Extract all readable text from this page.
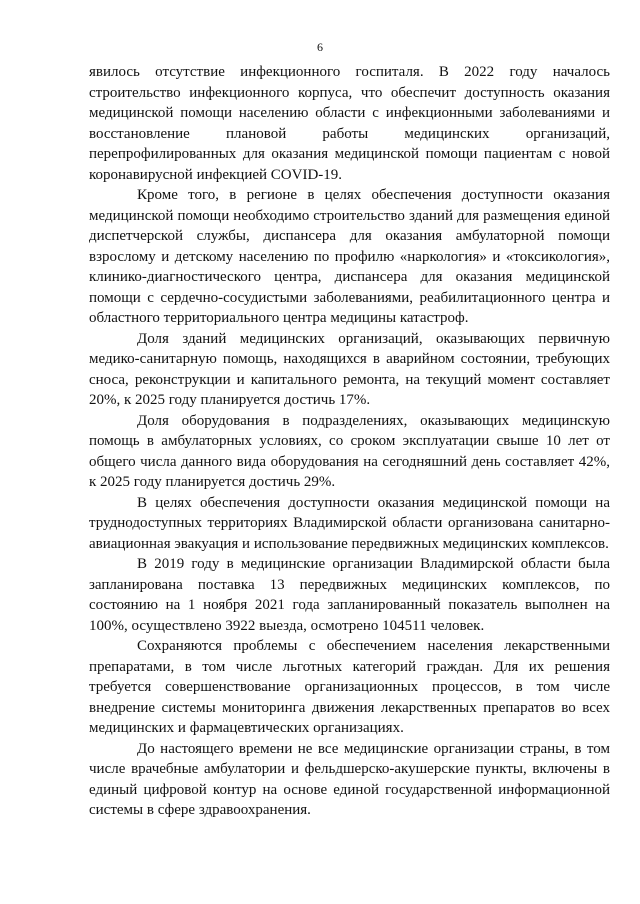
6

явилось отсутствие инфекционного госпиталя. В 2022 году началось строительство инфекционного корпуса, что обеспечит доступность оказания медицинской помощи населению области с инфекционными заболеваниями и восстановление плановой работы медицинских организаций, перепрофилированных для оказания медицинской помощи пациентам с новой коронавирусной инфекцией COVID-19.

Кроме того, в регионе в целях обеспечения доступности оказания медицинской помощи необходимо строительство зданий для размещения единой диспетчерской службы, диспансера для оказания амбулаторной помощи взрослому и детскому населению по профилю «наркология» и «токсикология», клинико-диагностического центра, диспансера для оказания медицинской помощи с сердечно-сосудистыми заболеваниями, реабилитационного центра и областного территориального центра медицины катастроф.

Доля зданий медицинских организаций, оказывающих первичную медико-санитарную помощь, находящихся в аварийном состоянии, требующих сноса, реконструкции и капитального ремонта, на текущий момент составляет 20%, к 2025 году планируется достичь 17%.

Доля оборудования в подразделениях, оказывающих медицинскую помощь в амбулаторных условиях, со сроком эксплуатации свыше 10 лет от общего числа данного вида оборудования на сегодняшний день составляет 42%, к 2025 году планируется достичь 29%.

В целях обеспечения доступности оказания медицинской помощи на труднодоступных территориях Владимирской области организована санитарно-авиационная эвакуация и использование передвижных медицинских комплексов.

В 2019 году в медицинские организации Владимирской области была запланирована поставка 13 передвижных медицинских комплексов, по состоянию на 1 ноября 2021 года запланированный показатель выполнен на 100%, осуществлено 3922 выезда, осмотрено 104511 человек.

Сохраняются проблемы с обеспечением населения лекарственными препаратами, в том числе льготных категорий граждан. Для их решения требуется совершенствование организационных процессов, в том числе внедрение системы мониторинга движения лекарственных препаратов во всех медицинских и фармацевтических организациях.

До настоящего времени не все медицинские организации страны, в том числе врачебные амбулатории и фельдшерско-акушерские пункты, включены в единый цифровой контур на основе единой государственной информационной системы в сфере здравоохранения.
